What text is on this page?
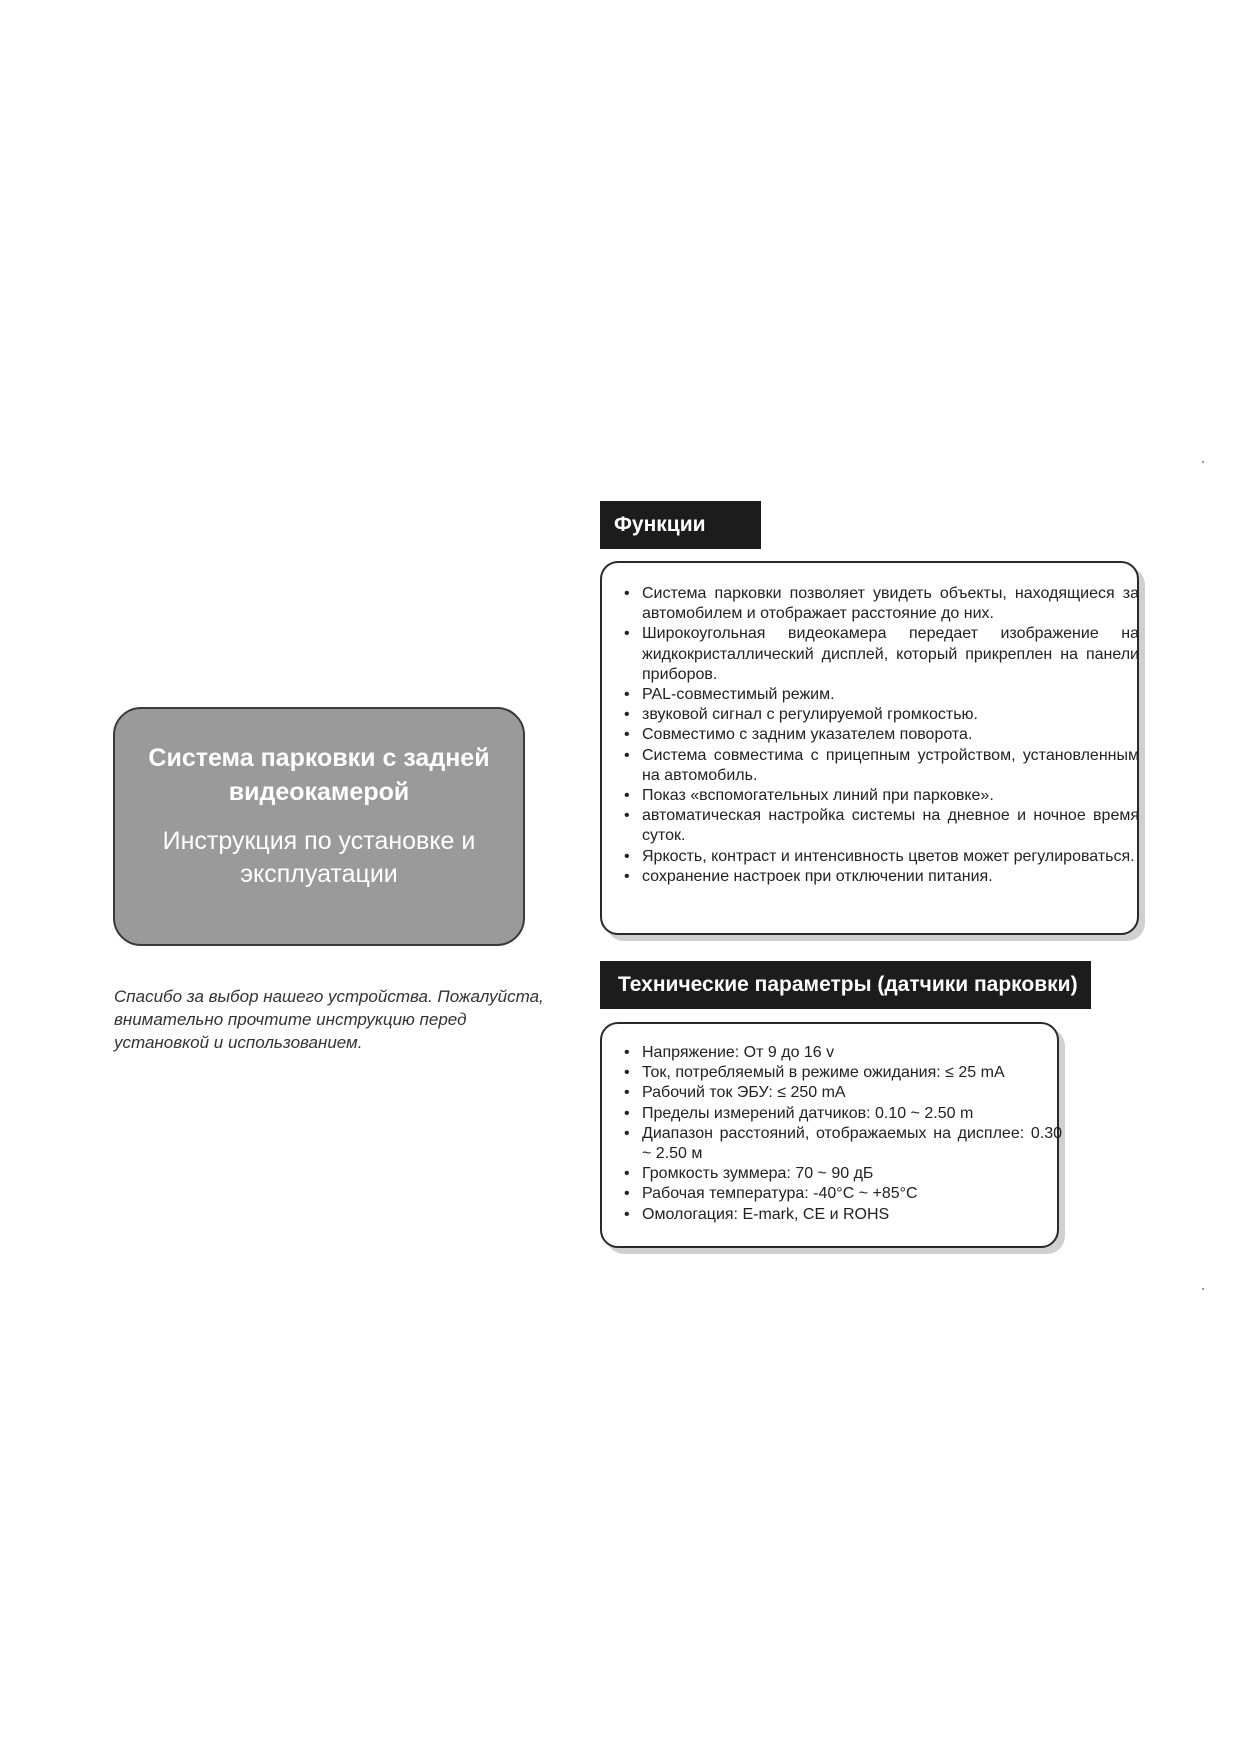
Система парковки с задней видеокамерой
Инструкция по установке и эксплуатации
Спасибо за выбор нашего устройства. Пожалуйста, внимательно прочтите инструкцию перед установкой и использованием.
Функции
• Система парковки позволяет увидеть объекты, находящиеся за автомобилем и отображает расстояние до них.
• Широкоугольная видеокамера передает изображение на жидкокристаллический дисплей, который прикреплен на панели приборов.
• PAL-совместимый режим.
• звуковой сигнал с регулируемой громкостью.
• Совместимо с задним указателем поворота.
• Система совместима с прицепным устройством, установленным на автомобиль.
• Показ «вспомогательных линий при парковке».
• автоматическая настройка системы на дневное и ночное время суток.
• Яркость, контраст и интенсивность цветов может регулироваться.
• сохранение настроек при отключении питания.
Технические параметры (датчики парковки)
• Напряжение: От 9 до 16 v
• Ток, потребляемый в режиме ожидания: ≤ 25 mA
• Рабочий ток ЭБУ: ≤ 250 mA
• Пределы измерений датчиков: 0.10 ~ 2.50 m
• Диапазон расстояний, отображаемых на дисплее: 0.30 ~ 2.50 м
• Громкость зуммера: 70 ~ 90 дБ
• Рабочая температура: -40°C ~ +85°C
• Омологация: E-mark, CE и ROHS
